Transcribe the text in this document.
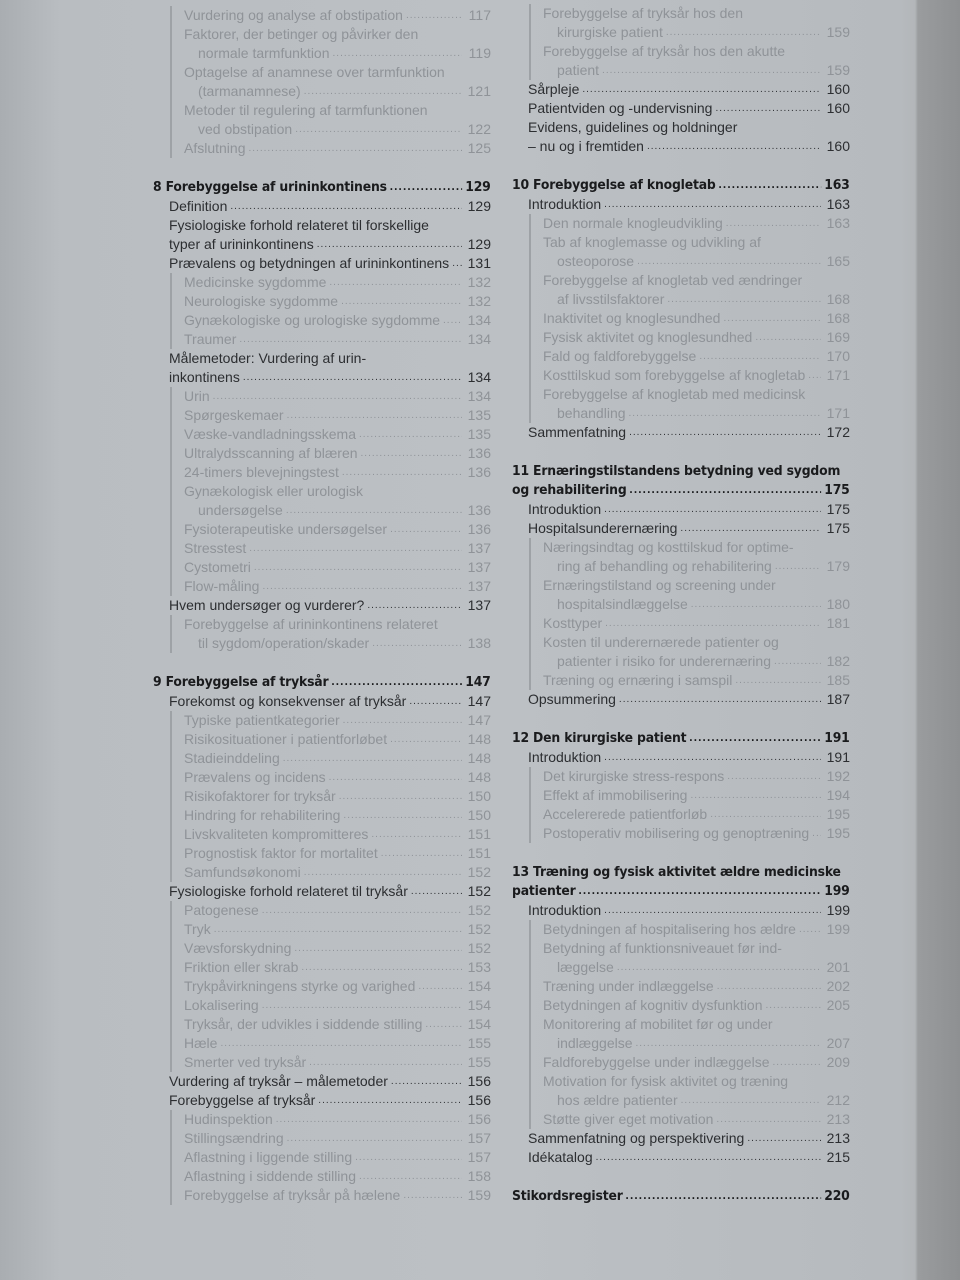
Vurdering og analyse af obstipation .....	117
Faktorer, der betinger og påvirker den
normale tarmfunktion .....	119
Optagelse af anamnese over tarmfunktion
(tarmanamnese) .....	121
Metoder til regulering af tarmfunktionen
ved obstipation .....	122
Afslutning .....	125
8 Forebyggelse af urininkontinens .....	129
Definition .....	129
Fysiologiske forhold relateret til forskellige
typer af urininkontinens .....	129
Prævalens og betydningen af urininkontinens ..... 131
Medicinske sygdomme .....	132
Neurologiske sygdomme .....	132
Gynækologiske og urologiske sygdomme ..... 134
Traumer .....	134
Målemetoder: Vurdering af urin-
inkontinens .....	134
Urin .....	134
Spørgeskemaer .....	135
Væske-vandladningsskema .....	135
Ultralydsscanning af blæren .....	136
24-timers blevejningstest .....	136
Gynækologisk eller urologisk
undersøgelse .....	136
Fysioterapeutiske undersøgelser .....	136
Stresstest .....	137
Cystometri .....	137
Flow-måling .....	137
Hvem undersøger og vurderer? .....	137
Forebyggelse af urininkontinens relateret
til sygdom/operation/skader .....	138
9 Forebyggelse af tryksår .....	147
Forekomst og konsekvenser af tryksår .....	147
Typiske patientkategorier .....	147
Risikosituationer i patientforløbet .....	148
Stadieinddeling .....	148
Prævalens og incidens .....	148
Risikofaktorer for tryksår .....	150
Hindring for rehabilitering .....	150
Livskvaliteten kompromitteres .....	151
Prognostisk faktor for mortalitet .....	151
Samfundsøkonomi .....	152
Fysiologiske forhold relateret til tryksår .....	152
Patogenese .....	152
Tryk .....	152
Vævsforskydning .....	152
Friktion eller skrab .....	153
Trykpåvirkningens styrke og varighed .....	154
Lokalisering .....	154
Tryksår, der udvikles i siddende stilling .....	154
Hæle .....	155
Smerter ved tryksår .....	155
Vurdering af tryksår – målemetoder .....	156
Forebyggelse af tryksår .....	156
Hudinspektion .....	156
Stillingsændring .....	157
Aflastning i liggende stilling .....	157
Aflastning i siddende stilling .....	158
Forebyggelse af tryksår på hælene .....	159
Forebyggelse af tryksår hos den
kirurgiske patient .....	159
Forebyggelse af tryksår hos den akutte
patient .....	159
Sårpleje .....	160
Patientviden og -undervisning .....	160
Evidens, guidelines og holdninger
– nu og i fremtiden .....	160
10 Forebyggelse af knogletab .....	163
Introduktion .....	163
Den normale knogleudvikling .....	163
Tab af knoglemasse og udvikling af
osteoporose .....	165
Forebyggelse af knogletab ved ændringer
af livsstilsfaktorer .....	168
Inaktivitet og knoglesundhed .....	168
Fysisk aktivitet og knoglesundhed .....	169
Fald og faldforebyggelse .....	170
Kosttilskud som forebyggelse af knogletab ..... 171
Forebyggelse af knogletab med medicinsk
behandling .....	171
Sammenfatning .....	172
11 Ernæringstilstandens betydning ved sygdom
og rehabilitering .....	175
Introduktion .....	175
Hospitalsunderernæring .....	175
Næringsindtag og kosttilskud for optime-
ring af behandling og rehabilitering .....	179
Ernæringstilstand og screening under
hospitalsindlæggelse .....	180
Kosttyper .....	181
Kosten til underernærede patienter og
patienter i risiko for underernæring .....	182
Træning og ernæring i samspil .....	185
Opsummering .....	187
12 Den kirurgiske patient .....	191
Introduktion .....	191
Det kirurgiske stress-respons .....	192
Effekt af immobilisering .....	194
Accelererede patientforløb .....	195
Postoperativ mobilisering og genoptræning ..... 195
13 Træning og fysisk aktivitet ældre medicinske
patienter .....	199
Introduktion .....	199
Betydningen af hospitalisering hos ældre ..... 199
Betydning af funktionsniveauet før ind-
læggelse .....	201
Træning under indlæggelse .....	202
Betydningen af kognitiv dysfunktion .....	205
Monitorering af mobilitet før og under
indlæggelse .....	207
Faldforebyggelse under indlæggelse .....	209
Motivation for fysisk aktivitet og træning
hos ældre patienter .....	212
Støtte giver eget motivation .....	213
Sammenfatning og perspektivering .....	213
Idékatalog .....	215
Stikordsregister .....	220
